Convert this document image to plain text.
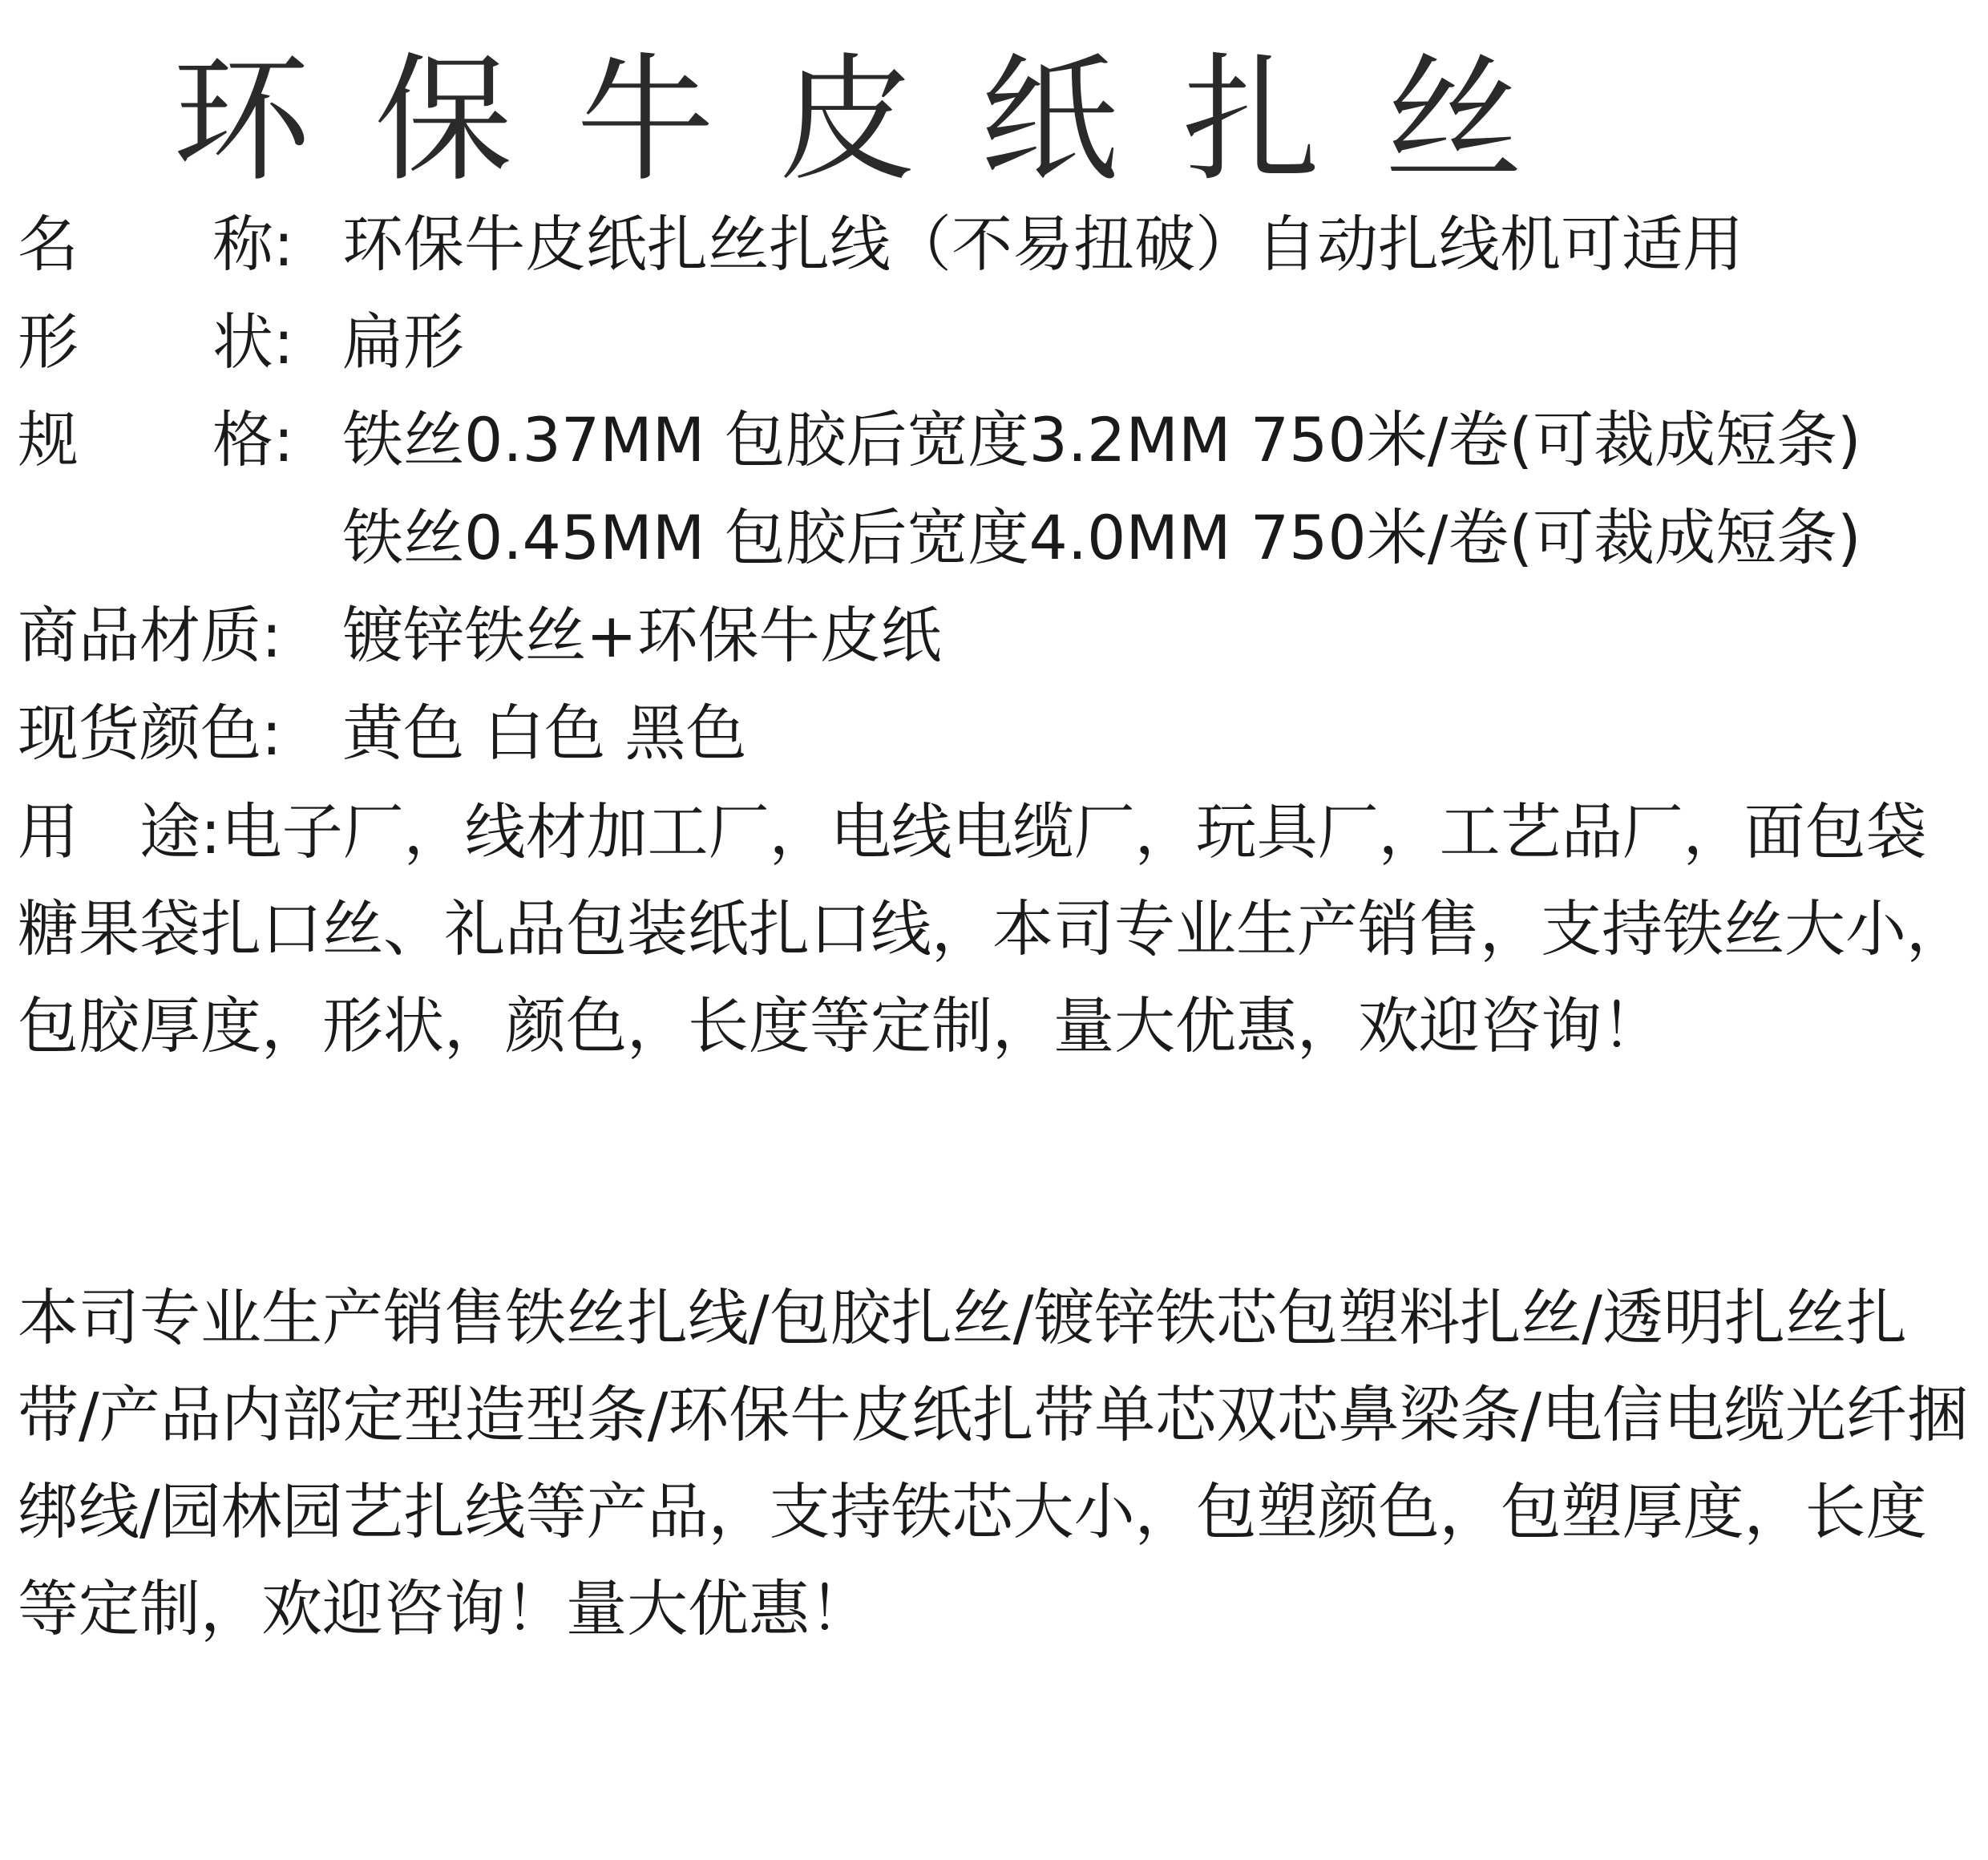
环保牛皮纸扎丝
名 称: 环保牛皮纸扎丝扎线（不易扭破）自动扎线机可适用
形 状: 扁形
规 格: 铁丝0.37MM 包胶后宽度3.2MM 750米/卷(可裁成短条)
铁丝0.45MM 包胶后宽度4.0MM 750米/卷(可裁成短条)
商品材质: 镀锌铁丝+环保牛皮纸
现货颜色: 黄色 白色 黑色
用 途:电子厂，线材加工厂，电线电缆厂，玩具厂，工艺品厂，面包袋糖果袋扎口丝、礼品包装纸扎口线，本司专业生产销售，支持铁丝大小，包胶厚度，形状，颜色，长度等定制，量大优惠，欢迎咨询！
本司专业生产销售铁丝扎线/包胶扎丝/镀锌铁芯包塑料扎丝/透明扎丝扎带/产品内部定型造型条/环保牛皮纸扎带单芯双芯鼻梁条/电信电缆光纤捆绑线/园林园艺扎线等产品，支持铁芯大小，包塑颜色，包塑厚度，长度等定制，欢迎咨询！量大优惠！
